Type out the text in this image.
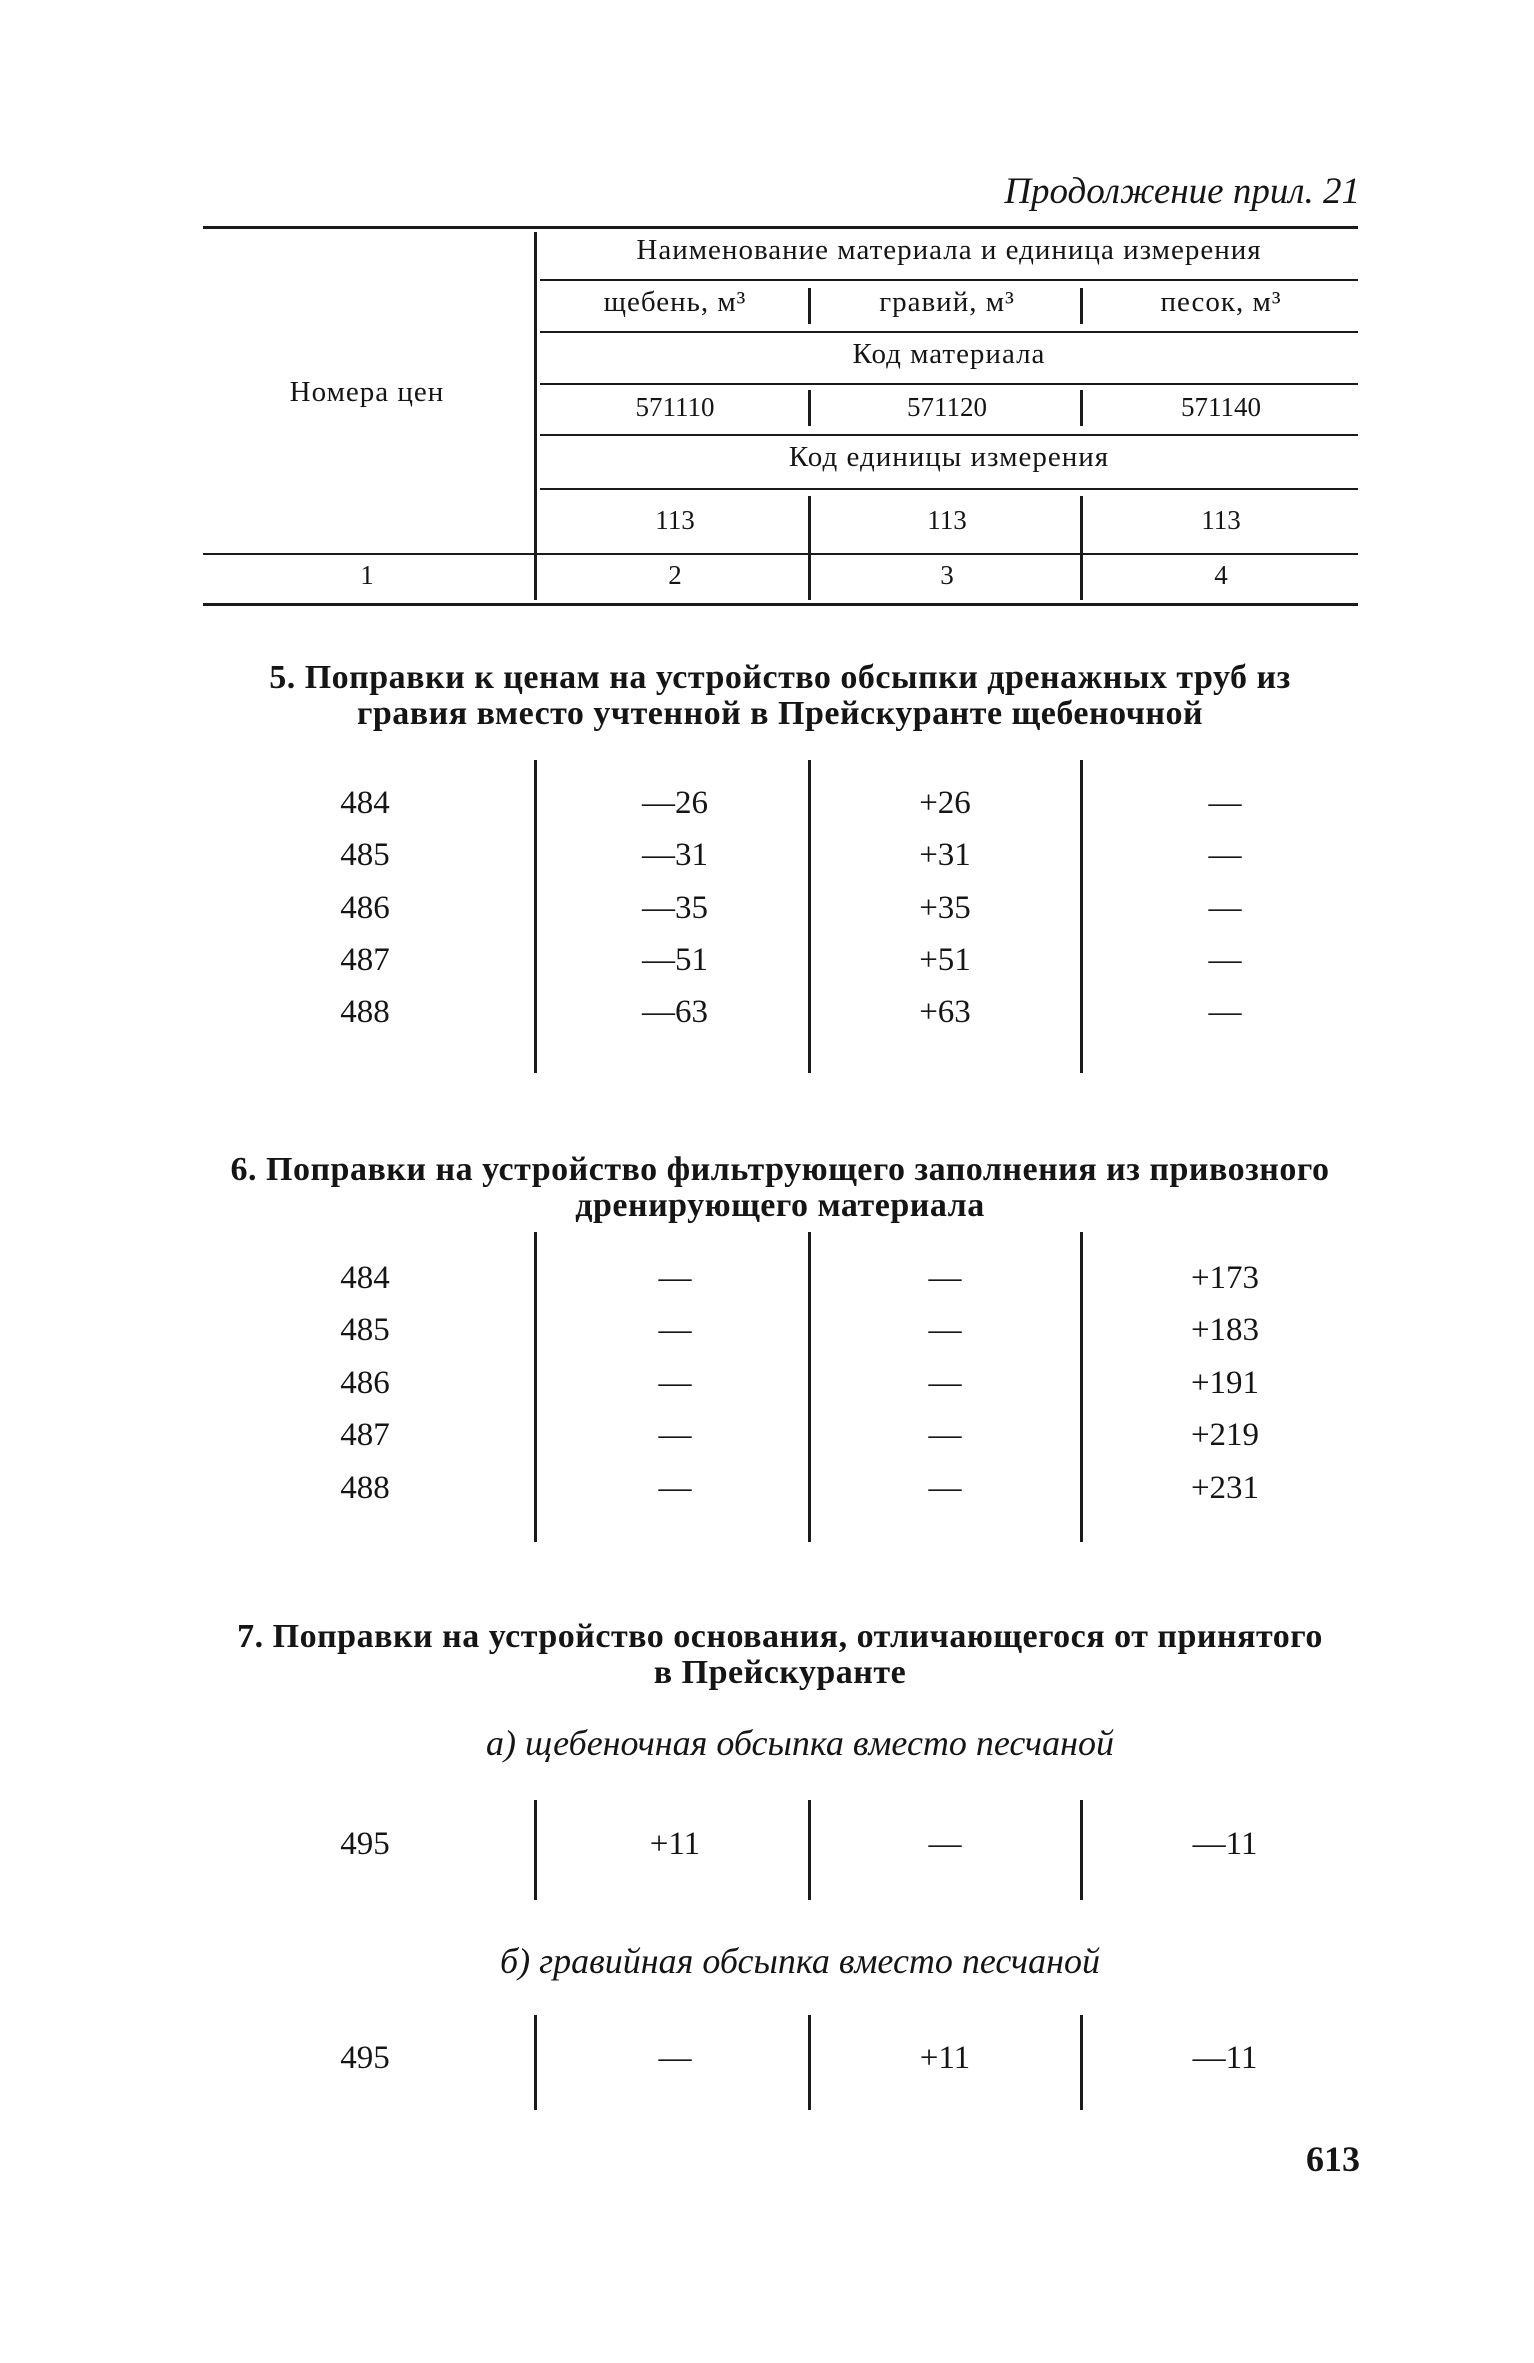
Продолжение прил. 21
Номера цен
Наименование материала и единица измерения
щебень, м³	гравий, м³	песок, м³
Код материала
571110	571120	571140
Код единицы измерения
113	113	113
1	2	3	4
5. Поправки к ценам на устройство обсыпки дренажных труб из
гравия вместо учтенной в Прейскуранте щебеночной
484	—26	+26	—
485	—31	+31	—
486	—35	+35	—
487	—51	+51	—
488	—63	+63	—
6. Поправки на устройство фильтрующего заполнения из привозного
дренирующего материала
484	—	—	+173
485	—	—	+183
486	—	—	+191
487	—	—	+219
488	—	—	+231
7. Поправки на устройство основания, отличающегося от принятого
в Прейскуранте
а) щебеночная обсыпка вместо песчаной
495	+11	—	—11
б) гравийная обсыпка вместо песчаной
495	—	+11	—11
613
